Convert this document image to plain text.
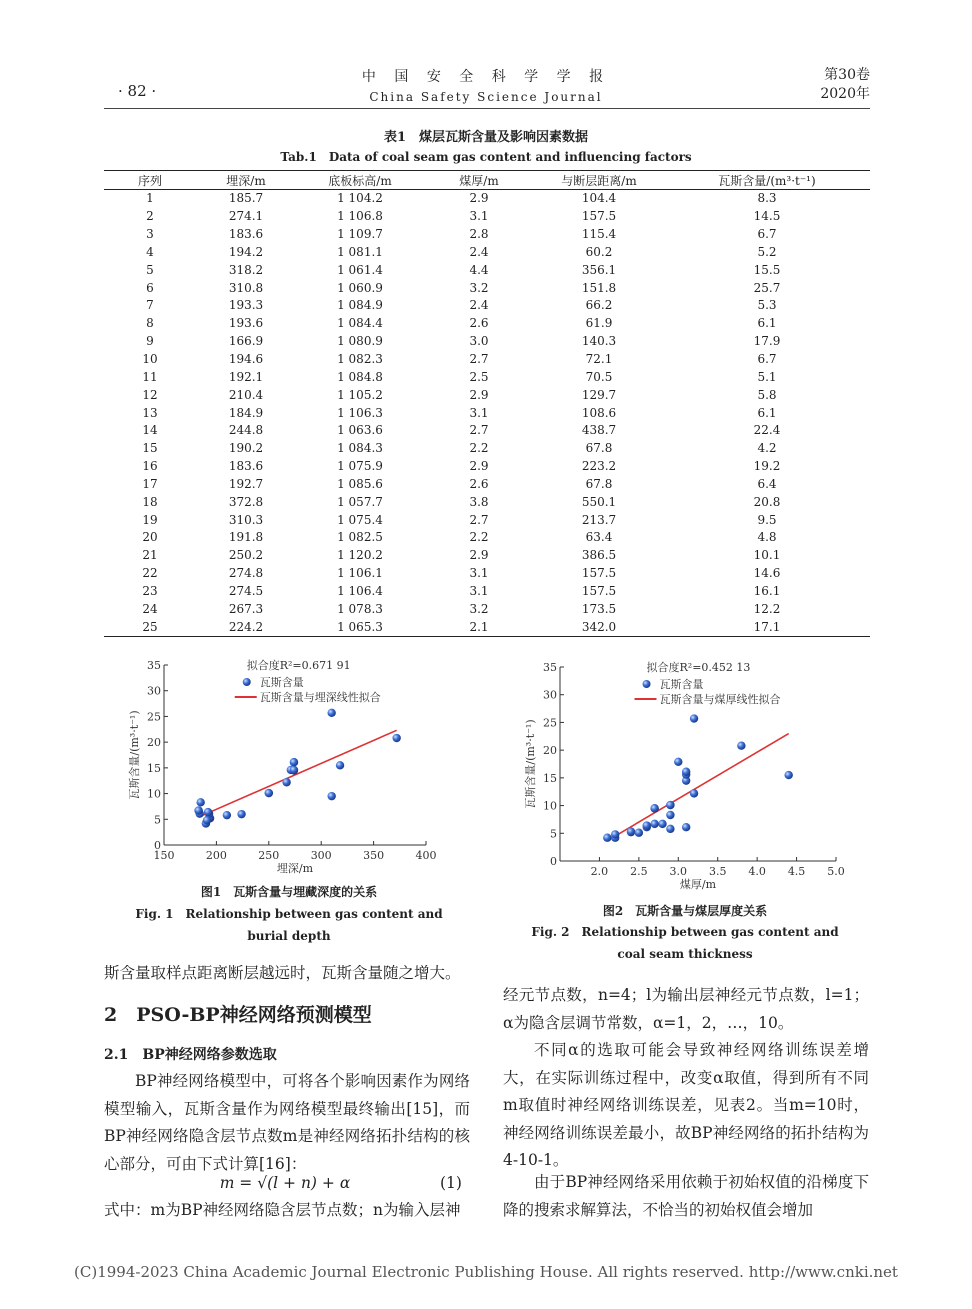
· 82 ·
中 国 安 全 科 学 学 报
China Safety Science Journal
第30卷
2020年
表1　煤层瓦斯含量及影响因素数据
Tab.1　Data of coal seam gas content and influencing factors
序列	埋深/m	底板标高/m	煤厚/m	与断层距离/m	瓦斯含量/(m³·t⁻¹)
1	185.7	1 104.2	2.9	104.4	8.3
2	274.1	1 106.8	3.1	157.5	14.5
3	183.6	1 109.7	2.8	115.4	6.7
4	194.2	1 081.1	2.4	60.2	5.2
5	318.2	1 061.4	4.4	356.1	15.5
6	310.8	1 060.9	3.2	151.8	25.7
7	193.3	1 084.9	2.4	66.2	5.3
8	193.6	1 084.4	2.6	61.9	6.1
9	166.9	1 080.9	3.0	140.3	17.9
10	194.6	1 082.3	2.7	72.1	6.7
11	192.1	1 084.8	2.5	70.5	5.1
12	210.4	1 105.2	2.9	129.7	5.8
13	184.9	1 106.3	3.1	108.6	6.1
14	244.8	1 063.6	2.7	438.7	22.4
15	190.2	1 084.3	2.2	67.8	4.2
16	183.6	1 075.9	2.9	223.2	19.2
17	192.7	1 085.6	2.6	67.8	6.4
18	372.8	1 057.7	3.8	550.1	20.8
19	310.3	1 075.4	2.7	213.7	9.5
20	191.8	1 082.5	2.2	63.4	4.8
21	250.2	1 120.2	2.9	386.5	10.1
22	274.8	1 106.1	3.1	157.5	14.6
23	274.5	1 106.4	3.1	157.5	16.1
24	267.3	1 078.3	3.2	173.5	12.2
25	224.2	1 065.3	2.1	342.0	17.1
0
5
10
15
20
25
30
35
150	200	250	300	350	400
埋深/m
瓦斯含量/(m³·t⁻¹)
拟合度R²=0.671 91
瓦斯含量
瓦斯含量与埋深线性拟合
图1　瓦斯含量与埋藏深度的关系
Fig. 1　Relationship between gas content and
burial depth
0
5
10
15
20
25
30
35
2.0 2.5 3.0 3.5 4.0 4.5 5.0
煤厚/m
瓦斯含量/(m³·t⁻¹)
拟合度R²=0.452 13
瓦斯含量
瓦斯含量与煤厚线性拟合
图2　瓦斯含量与煤层厚度关系
Fig. 2　Relationship between gas content and
coal seam thickness
斯含量取样点距离断层越远时，瓦斯含量随之增大。
2　PSO-BP神经网络预测模型
2.1　BP神经网络参数选取
BP神经网络模型中，可将各个影响因素作为网络模型输入，瓦斯含量作为网络模型最终输出[15]，而BP神经网络隐含层节点数m是神经网络拓扑结构的核心部分，可由下式计算[16]：
m = √(l + n) + α	(1)
式中：m为BP神经网络隐含层节点数；n为输入层神
经元节点数，n=4；l为输出层神经元节点数，l=1；α为隐含层调节常数，α=1，2，…，10。
不同α的选取可能会导致神经网络训练误差增大，在实际训练过程中，改变α取值，得到所有不同m取值时神经网络训练误差，见表2。当m=10时，神经网络训练误差最小，故BP神经网络的拓扑结构为4-10-1。
由于BP神经网络采用依赖于初始权值的沿梯度下降的搜索求解算法，不恰当的初始权值会增加
(C)1994-2023 China Academic Journal Electronic Publishing House. All rights reserved. http://www.cnki.net
